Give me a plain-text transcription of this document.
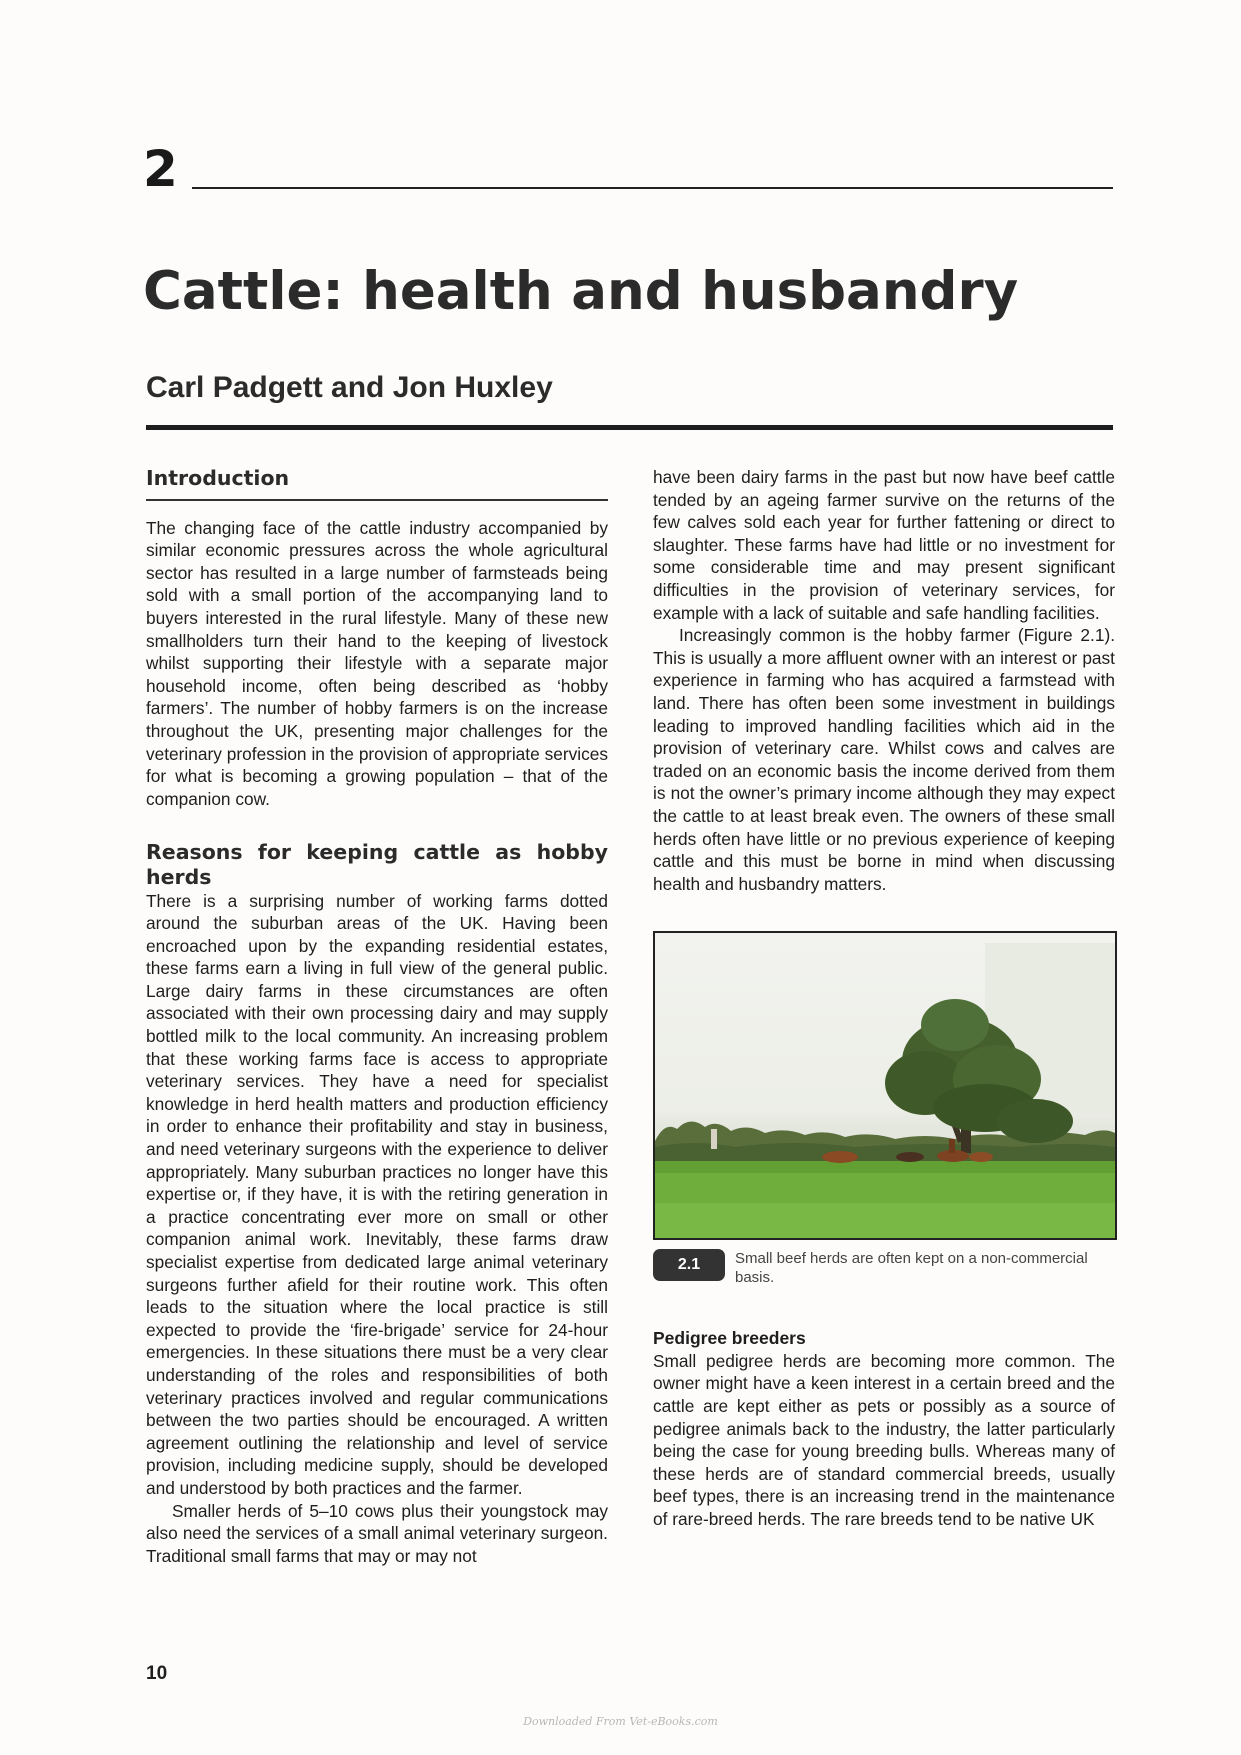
2
Cattle: health and husbandry
Carl Padgett and Jon Huxley
Introduction

The changing face of the cattle industry accompanied by similar economic pressures across the whole agricultural sector has resulted in a large number of farmsteads being sold with a small portion of the accompanying land to buyers interested in the rural lifestyle. Many of these new smallholders turn their hand to the keeping of livestock whilst supporting their lifestyle with a separate major household income, often being described as ‘hobby farmers’. The number of hobby farmers is on the increase throughout the UK, presenting major challenges for the veterinary profession in the provision of appropriate services for what is becoming a growing population – that of the companion cow.

Reasons for keeping cattle as hobby herds

There is a surprising number of working farms dotted around the suburban areas of the UK. Having been encroached upon by the expanding residential estates, these farms earn a living in full view of the general public. Large dairy farms in these circumstances are often associated with their own processing dairy and may supply bottled milk to the local community. An increasing problem that these working farms face is access to appropriate veterinary services. They have a need for specialist knowledge in herd health matters and production efficiency in order to enhance their profitability and stay in business, and need veterinary surgeons with the experience to deliver appropriately. Many suburban practices no longer have this expertise or, if they have, it is with the retiring generation in a practice concentrating ever more on small or other companion animal work. Inevitably, these farms draw specialist expertise from dedicated large animal veterinary surgeons further afield for their routine work. This often leads to the situation where the local practice is still expected to provide the ‘fire-brigade’ service for 24-hour emergencies. In these situations there must be a very clear understanding of the roles and responsibilities of both veterinary practices involved and regular communications between the two parties should be encouraged. A written agreement outlining the relationship and level of service provision, including medicine supply, should be developed and understood by both practices and the farmer.

Smaller herds of 5–10 cows plus their youngstock may also need the services of a small animal veterinary surgeon. Traditional small farms that may or may not

have been dairy farms in the past but now have beef cattle tended by an ageing farmer survive on the returns of the few calves sold each year for further fattening or direct to slaughter. These farms have had little or no investment for some considerable time and may present significant difficulties in the provision of veterinary services, for example with a lack of suitable and safe handling facilities.

Increasingly common is the hobby farmer (Figure 2.1). This is usually a more affluent owner with an interest or past experience in farming who has acquired a farmstead with land. There has often been some investment in buildings leading to improved handling facilities which aid in the provision of veterinary care. Whilst cows and calves are traded on an economic basis the income derived from them is not the owner’s primary income although they may expect the cattle to at least break even. The owners of these small herds often have little or no previous experience of keeping cattle and this must be borne in mind when discussing health and husbandry matters.

2.1	Small beef herds are often kept on a non-commercial basis.
Pedigree breeders

Small pedigree herds are becoming more common. The owner might have a keen interest in a certain breed and the cattle are kept either as pets or possibly as a source of pedigree animals back to the industry, the latter particularly being the case for young breeding bulls. Whereas many of these herds are of standard commercial breeds, usually beef types, there is an increasing trend in the maintenance of rare-breed herds. The rare breeds tend to be native UK

10
Downloaded From Vet-eBooks.com
